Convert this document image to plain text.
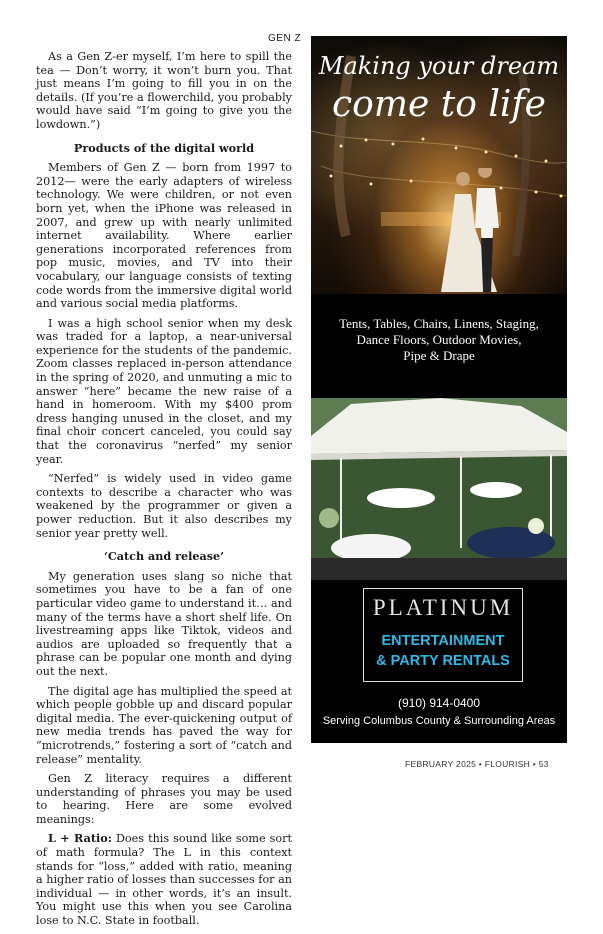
GEN Z

As a Gen Z-er myself, I’m here to spill the tea — Don’t worry, it won’t burn you. That just means I’m going to fill you in on the details. (If you’re a flowerchild, you probably would have said “I’m going to give you the lowdown.”)

Products of the digital world

Members of Gen Z — born from 1997 to 2012— were the early adapters of wireless technology. We were children, or not even born yet, when the iPhone was released in 2007, and grew up with nearly unlimited internet availability. Where earlier generations incorporated references from pop music, movies, and TV into their vocabulary, our language consists of texting code words from the immersive digital world and various social media platforms.

I was a high school senior when my desk was traded for a laptop, a near-universal experience for the students of the pandemic. Zoom classes replaced in-person attendance in the spring of 2020, and unmuting a mic to answer “here” became the new raise of a hand in homeroom. With my $400 prom dress hanging unused in the closet, and my final choir concert canceled, you could say that the coronavirus “nerfed” my senior year.

“Nerfed” is widely used in video game contexts to describe a character who was weakened by the programmer or given a power reduction. But it also describes my senior year pretty well.

‘Catch and release’

My generation uses slang so niche that sometimes you have to be a fan of one particular video game to understand it… and many of the terms have a short shelf life. On livestreaming apps like Tiktok, videos and audios are uploaded so frequently that a phrase can be popular one month and dying out the next.

The digital age has multiplied the speed at which people gobble up and discard popular digital media. The ever-quickening output of new media trends has paved the way for “microtrends,” fostering a sort of “catch and release” mentality.

Gen Z literacy requires a different understanding of phrases you may be used to hearing. Here are some evolved meanings:

L + Ratio: Does this sound like some sort of math formula? The L in this context stands for “loss,” added with ratio, meaning a higher ratio of losses than successes for an individual — in other words, it’s an insult. You might use this when you see Carolina lose to N.C. State in football.

Making your dream
come to life
Tents, Tables, Chairs, Linens, Staging,
Dance Floors, Outdoor Movies,
Pipe & Drape
PLATINUM
ENTERTAINMENT
& PARTY RENTALS
(910) 914-0400
Serving Columbus County & Surrounding Areas
FEBRUARY 2025 • FLOURISH • 53
